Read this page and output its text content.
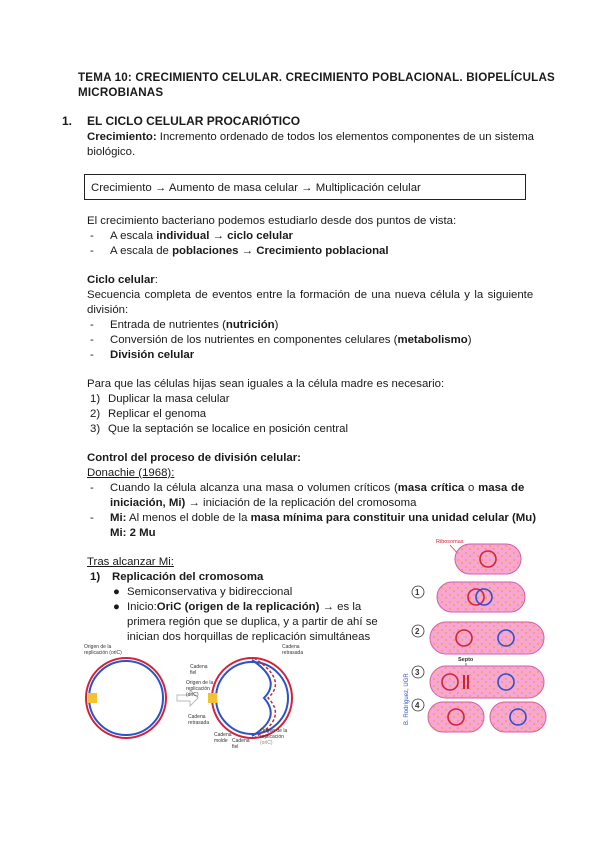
TEMA 10: CRECIMIENTO CELULAR. CRECIMIENTO POBLACIONAL. BIOPELÍCULAS
MICROBIANAS
1. EL CICLO CELULAR PROCARIÓTICO
Crecimiento: Incremento ordenado de todos los elementos componentes de un sistema
biológico.
Crecimiento → Aumento de masa celular → Multiplicación celular
El crecimiento bacteriano podemos estudiarlo desde dos puntos de vista:
- A escala individual → ciclo celular
- A escala de poblaciones → Crecimiento poblacional
Ciclo celular:
Secuencia completa de eventos entre la formación de una nueva célula y la siguiente
división:
- Entrada de nutrientes (nutrición)
- Conversión de los nutrientes en componentes celulares (metabolismo)
- División celular
Para que las células hijas sean iguales a la célula madre es necesario:
1) Duplicar la masa celular
2) Replicar el genoma
3) Que la septación se localice en posición central
Control del proceso de división celular:
Donachie (1968):
- Cuando la célula alcanza una masa o volumen críticos (masa crítica o masa de
iniciación, Mi) → iniciación de la replicación del cromosoma
- Mi: Al menos el doble de la masa mínima para constituir una unidad celular (Mu)
Mi: 2 Mu
Tras alcanzar Mi:
1) Replicación del cromosoma
● Semiconservativa y bidireccional
● Inicio:OriC (origen de la replicación) → es la
primera región que se duplica, y a partir de ahí se
inician dos horquillas de replicación simultáneas
Origen de la
replicación (oriC)
Cadena
fiel
Origen de la
replicación
(oriC)
Cadena
retrasada
Cadena
molde
Cadena
retrasada
Origen de la
replicación
(oriC)
Cadena
fiel
B. Rodríguez, UGR
Ribosomas
1
Septo
3
4
2
